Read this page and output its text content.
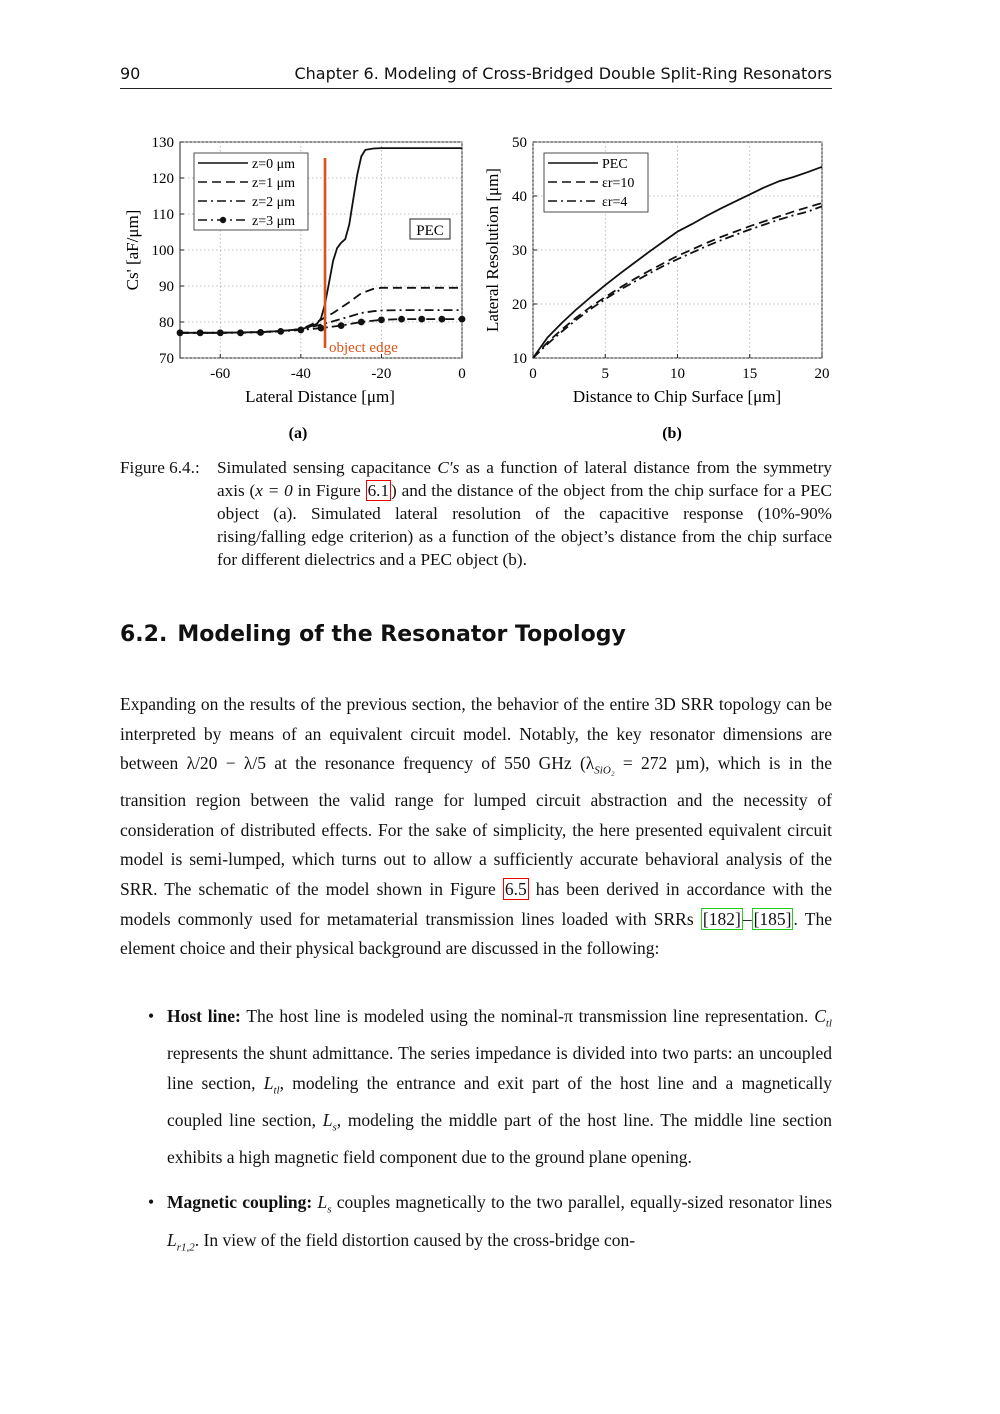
90	Chapter 6. Modeling of Cross-Bridged Double Split-Ring Resonators
-60	-40	-20	0
70
80
90
100
110
120
130
object edge
PEC
z=0 μm
z=1 μm
z=2 μm
z=3 μm
Lateral Distance [μm]
Cs' [aF/μm]
(a)
0	5	10	15	20
10
20
30
40
50
PEC
εr=10
εr=4
Distance to Chip Surface [μm]
Lateral Resolution [μm]
(b)
Figure 6.4.: Simulated sensing capacitance C′s as a function of lateral distance from the symmetry axis (x = 0 in Figure 6.1 ) and the distance of the object from the chip surface for a PEC object (a). Simulated lateral resolution of the capacitive response (10%-90% rising/falling edge criterion) as a function of the object’s distance from the chip surface for different dielectrics and a PEC object (b).
6.2. Modeling of the Resonator Topology

Expanding on the results of the previous section, the behavior of the entire 3D SRR topology can be interpreted by means of an equivalent circuit model. Notably, the key resonator dimensions are between λ/20 − λ/5 at the resonance frequency of 550 GHz ($\lambda_{SiO_2} = 272$ µm), which is in the transition region between the valid range for lumped circuit abstraction and the necessity of consideration of distributed effects. For the sake of simplicity, the here presented equivalent circuit model is semi-lumped, which turns out to allow a sufficiently accurate behavioral analysis of the SRR. The schematic of the model shown in Figure 6.5 has been derived in accordance with the models commonly used for metamaterial transmission lines loaded with SRRs [182] – [185] . The element choice and their physical background are discussed in the following:

• Host line: The host line is modeled using the nominal-π transmission line representation. $C_{tl}$ represents the shunt admittance. The series impedance is divided into two parts: an uncoupled line section, $L_{tl}$, modeling the entrance and exit part of the host line and a magnetically coupled line section, $L_s$, modeling the middle part of the host line. The middle line section exhibits a high magnetic field component due to the ground plane opening.
• Magnetic coupling: $L_s$ couples magnetically to the two parallel, equally-sized resonator lines $L_{r1,2}$. In view of the field distortion caused by the cross-bridge con-
